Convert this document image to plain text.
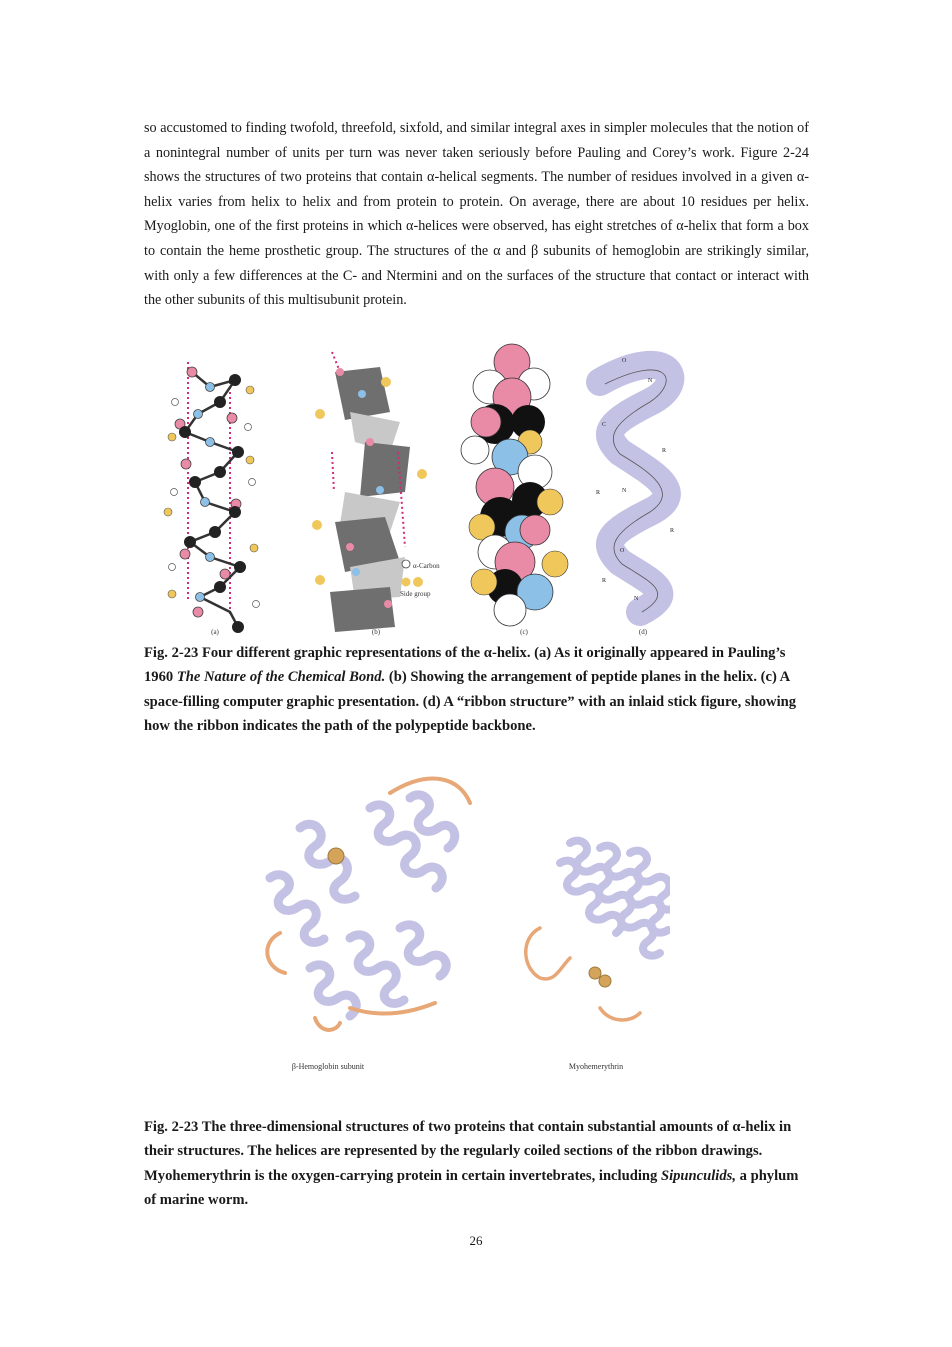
so accustomed to finding twofold, threefold, sixfold, and similar integral axes in simpler molecules that the notion of a nonintegral number of units per turn was never taken seriously before Pauling and Corey’s work. Figure 2-24 shows the structures of two proteins that contain α-helical segments. The number of residues involved in a given α-helix varies from helix to helix and from protein to protein. On average, there are about 10 residues per helix. Myoglobin, one of the first proteins in which α-helices were observed, has eight stretches of α-helix that form a box to contain the heme prosthetic group. The structures of the α and β subunits of hemoglobin are strikingly similar, with only a few differences at the C- and Ntermini and on the surfaces of the structure that contact or interact with the other subunits of this multisubunit protein.

α-Carbon
Side group
O
N
C
R
N
R
R
O
R
N
(a)	(b)	(c)	(d)

Fig. 2-23 Four different graphic representations of the α-helix. (a) As it originally appeared in Pauling’s 1960 The Nature of the Chemical Bond. (b) Showing the arrangement of peptide planes in the helix. (c) A space-filling computer graphic presentation. (d) A “ribbon structure” with an inlaid stick figure, showing how the ribbon indicates the path of the polypeptide backbone.

β-Hemoglobin subunit	Myohemerythrin

Fig. 2-23 The three-dimensional structures of two proteins that contain substantial amounts of α-helix in their structures. The helices are represented by the regularly coiled sections of the ribbon drawings. Myohemerythrin is the oxygen-carrying protein in certain invertebrates, including Sipunculids, a phylum of marine worm.

26
